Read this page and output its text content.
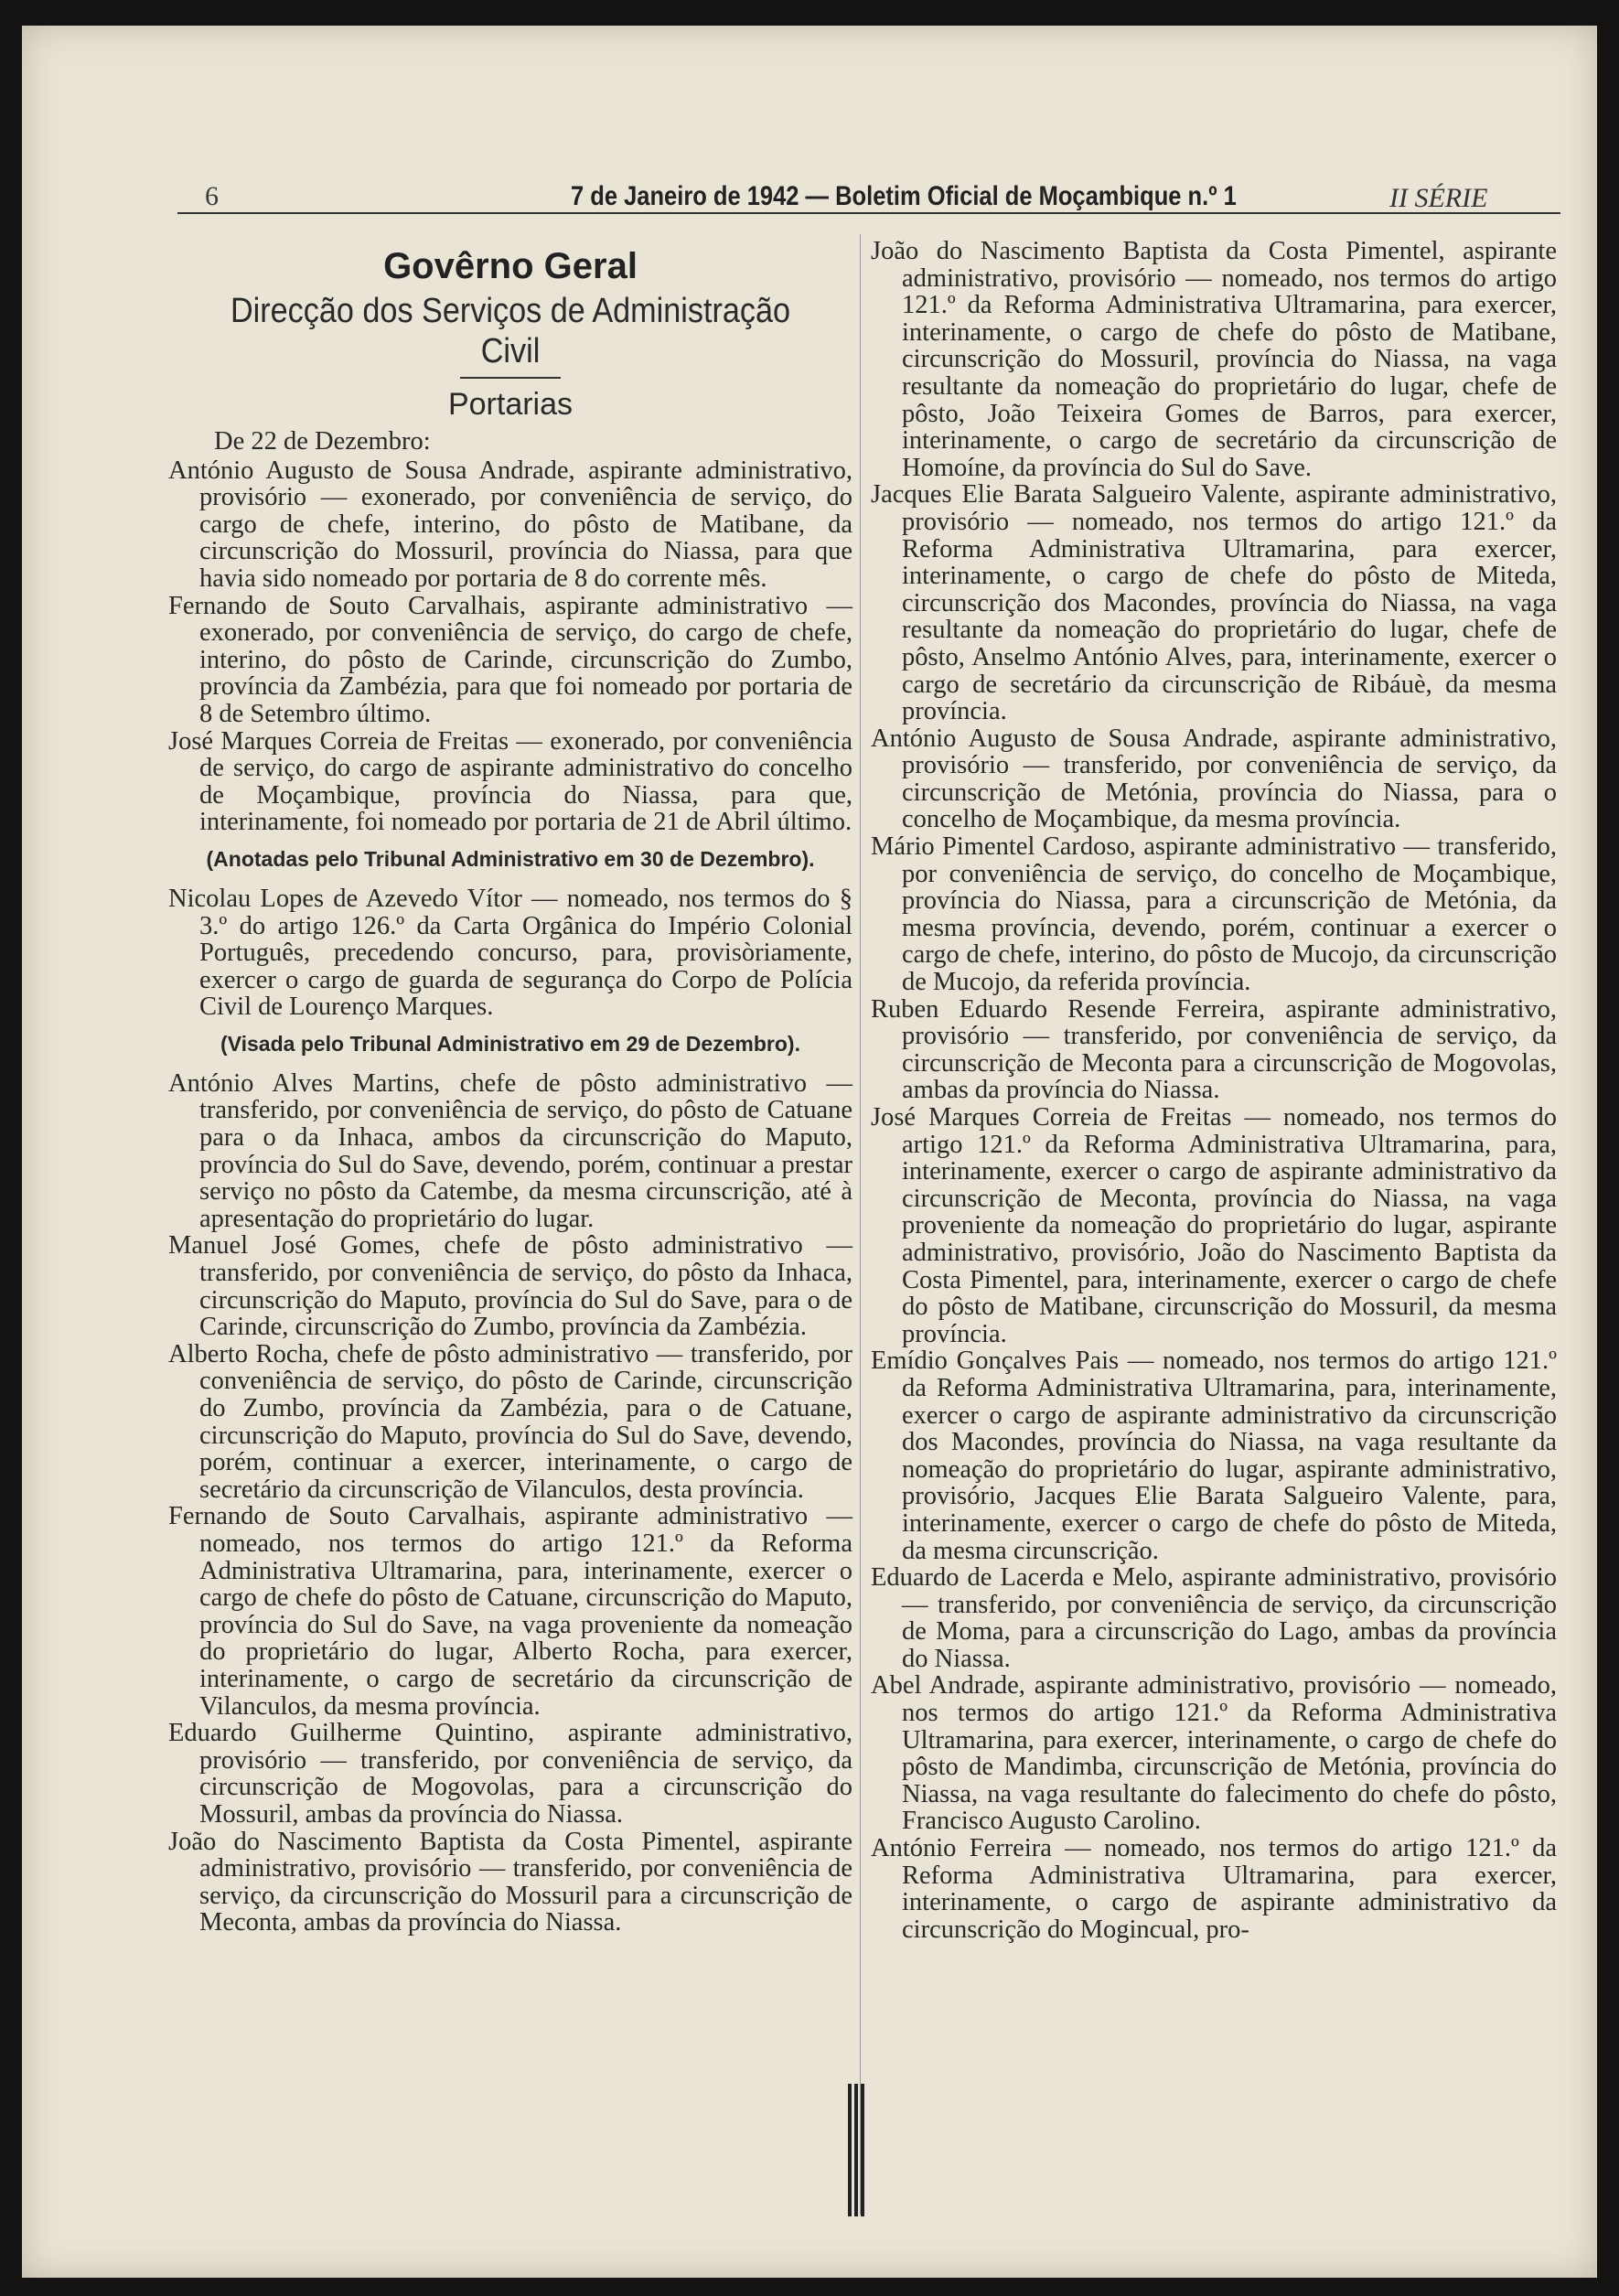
6	7 de Janeiro de 1942 — Boletim Oficial de Moçambique n.º 1	II SÉRIE
Govêrno Geral
Direcção dos Serviços de Administração Civil
Portarias

De 22 de Dezembro:

António Augusto de Sousa Andrade, aspirante administrativo, provisório — exonerado, por conveniência de serviço, do cargo de chefe, interino, do pôsto de Matibane, da circunscrição do Mossuril, província do Niassa, para que havia sido nomeado por portaria de 8 do corrente mês.

Fernando de Souto Carvalhais, aspirante administrativo — exonerado, por conveniência de serviço, do cargo de chefe, interino, do pôsto de Carinde, circunscrição do Zumbo, província da Zambézia, para que foi nomeado por portaria de 8 de Setembro último.

José Marques Correia de Freitas — exonerado, por conveniência de serviço, do cargo de aspirante administrativo do concelho de Moçambique, província do Niassa, para que, interinamente, foi nomeado por portaria de 21 de Abril último.

(Anotadas pelo Tribunal Administrativo em 30 de Dezembro).

Nicolau Lopes de Azevedo Vítor — nomeado, nos termos do § 3.º do artigo 126.º da Carta Orgânica do Império Colonial Português, precedendo concurso, para, provisòriamente, exercer o cargo de guarda de segurança do Corpo de Polícia Civil de Lourenço Marques.

(Visada pelo Tribunal Administrativo em 29 de Dezembro).

António Alves Martins, chefe de pôsto administrativo — transferido, por conveniência de serviço, do pôsto de Catuane para o da Inhaca, ambos da circunscrição do Maputo, província do Sul do Save, devendo, porém, continuar a prestar serviço no pôsto da Catembe, da mesma circunscrição, até à apresentação do proprietário do lugar.

Manuel José Gomes, chefe de pôsto administrativo — transferido, por conveniência de serviço, do pôsto da Inhaca, circunscrição do Maputo, província do Sul do Save, para o de Carinde, circunscrição do Zumbo, província da Zambézia.

Alberto Rocha, chefe de pôsto administrativo — transferido, por conveniência de serviço, do pôsto de Carinde, circunscrição do Zumbo, província da Zambézia, para o de Catuane, circunscrição do Maputo, província do Sul do Save, devendo, porém, continuar a exercer, interinamente, o cargo de secretário da circunscrição de Vilanculos, desta província.

Fernando de Souto Carvalhais, aspirante administrativo — nomeado, nos termos do artigo 121.º da Reforma Administrativa Ultramarina, para, interinamente, exercer o cargo de chefe do pôsto de Catuane, circunscrição do Maputo, província do Sul do Save, na vaga proveniente da nomeação do proprietário do lugar, Alberto Rocha, para exercer, interinamente, o cargo de secretário da circunscrição de Vilanculos, da mesma província.

Eduardo Guilherme Quintino, aspirante administrativo, provisório — transferido, por conveniência de serviço, da circunscrição de Mogovolas, para a circunscrição do Mossuril, ambas da província do Niassa.

João do Nascimento Baptista da Costa Pimentel, aspirante administrativo, provisório — transferido, por conveniência de serviço, da circunscrição do Mossuril para a circunscrição de Meconta, ambas da província do Niassa.

João do Nascimento Baptista da Costa Pimentel, aspirante administrativo, provisório — nomeado, nos termos do artigo 121.º da Reforma Administrativa Ultramarina, para exercer, interinamente, o cargo de chefe do pôsto de Matibane, circunscrição do Mossuril, província do Niassa, na vaga resultante da nomeação do proprietário do lugar, chefe de pôsto, João Teixeira Gomes de Barros, para exercer, interinamente, o cargo de secretário da circunscrição de Homoíne, da província do Sul do Save.

Jacques Elie Barata Salgueiro Valente, aspirante administrativo, provisório — nomeado, nos termos do artigo 121.º da Reforma Administrativa Ultramarina, para exercer, interinamente, o cargo de chefe do pôsto de Miteda, circunscrição dos Macondes, província do Niassa, na vaga resultante da nomeação do proprietário do lugar, chefe de pôsto, Anselmo António Alves, para, interinamente, exercer o cargo de secretário da circunscrição de Ribáuè, da mesma província.

António Augusto de Sousa Andrade, aspirante administrativo, provisório — transferido, por conveniência de serviço, da circunscrição de Metónia, província do Niassa, para o concelho de Moçambique, da mesma província.

Mário Pimentel Cardoso, aspirante administrativo — transferido, por conveniência de serviço, do concelho de Moçambique, província do Niassa, para a circunscrição de Metónia, da mesma província, devendo, porém, continuar a exercer o cargo de chefe, interino, do pôsto de Mucojo, da circunscrição de Mucojo, da referida província.

Ruben Eduardo Resende Ferreira, aspirante administrativo, provisório — transferido, por conveniência de serviço, da circunscrição de Meconta para a circunscrição de Mogovolas, ambas da província do Niassa.

José Marques Correia de Freitas — nomeado, nos termos do artigo 121.º da Reforma Administrativa Ultramarina, para, interinamente, exercer o cargo de aspirante administrativo da circunscrição de Meconta, província do Niassa, na vaga proveniente da nomeação do proprietário do lugar, aspirante administrativo, provisório, João do Nascimento Baptista da Costa Pimentel, para, interinamente, exercer o cargo de chefe do pôsto de Matibane, circunscrição do Mossuril, da mesma província.

Emídio Gonçalves Pais — nomeado, nos termos do artigo 121.º da Reforma Administrativa Ultramarina, para, interinamente, exercer o cargo de aspirante administrativo da circunscrição dos Macondes, província do Niassa, na vaga resultante da nomeação do proprietário do lugar, aspirante administrativo, provisório, Jacques Elie Barata Salgueiro Valente, para, interinamente, exercer o cargo de chefe do pôsto de Miteda, da mesma circunscrição.

Eduardo de Lacerda e Melo, aspirante administrativo, provisório — transferido, por conveniência de serviço, da circunscrição de Moma, para a circunscrição do Lago, ambas da província do Niassa.

Abel Andrade, aspirante administrativo, provisório — nomeado, nos termos do artigo 121.º da Reforma Administrativa Ultramarina, para exercer, interinamente, o cargo de chefe do pôsto de Mandimba, circunscrição de Metónia, província do Niassa, na vaga resultante do falecimento do chefe do pôsto, Francisco Augusto Carolino.

António Ferreira — nomeado, nos termos do artigo 121.º da Reforma Administrativa Ultramarina, para exercer, interinamente, o cargo de aspirante administrativo da circunscrição do Mogincual, pro-
